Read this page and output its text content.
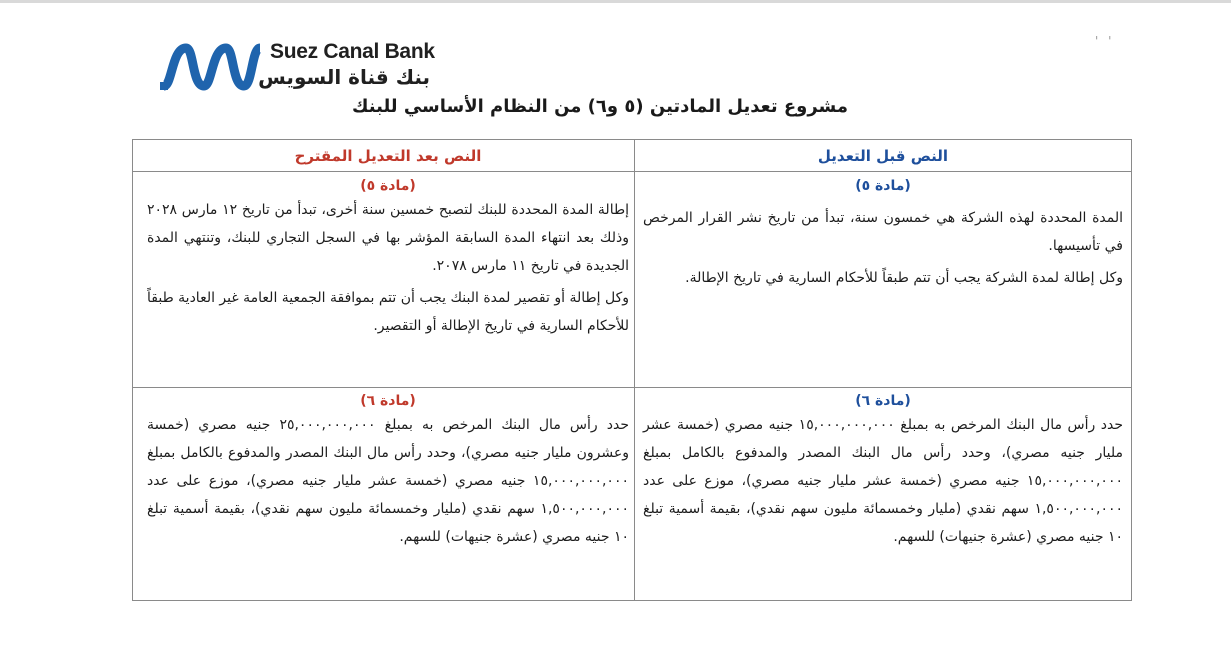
Suez Canal Bank
بنك قناة السويس
' '
مشروع تعديل المادتين (٥ و٦) من النظام الأساسي للبنك
النص قبل التعديل
النص بعد التعديل المقترح
(مادة ٥)

المدة المحددة لهذه الشركة هي خمسون سنة، تبدأ من تاريخ نشر القرار المرخص في تأسيسها.

وكل إطالة لمدة الشركة يجب أن تتم طبقاً للأحكام السارية في تاريخ الإطالة.

(مادة ٥)

إطالة المدة المحددة للبنك لتصبح خمسين سنة أخرى، تبدأ من تاريخ ١٢ مارس ٢٠٢٨ وذلك بعد انتهاء المدة السابقة المؤشر بها في السجل التجاري للبنك، وتنتهي المدة الجديدة في تاريخ ١١ مارس ٢٠٧٨.

وكل إطالة أو تقصير لمدة البنك يجب أن تتم بموافقة الجمعية العامة غير العادية طبقاً للأحكام السارية في تاريخ الإطالة أو التقصير.

(مادة ٦)

حدد رأس مال البنك المرخص به بمبلغ ١٥,٠٠٠,٠٠٠,٠٠٠ جنيه مصري (خمسة عشر مليار جنيه مصري)، وحدد رأس مال البنك المصدر والمدفوع بالكامل بمبلغ ١٥,٠٠٠,٠٠٠,٠٠٠ جنيه مصري (خمسة عشر مليار جنيه مصري)، موزع على عدد ١,٥٠٠,٠٠٠,٠٠٠ سهم نقدي (مليار وخمسمائة مليون سهم نقدي)، بقيمة أسمية تبلغ ١٠ جنيه مصري (عشرة جنيهات) للسهم.

(مادة ٦)

حدد رأس مال البنك المرخص به بمبلغ ٢٥,٠٠٠,٠٠٠,٠٠٠ جنيه مصري (خمسة وعشرون مليار جنيه مصري)، وحدد رأس مال البنك المصدر والمدفوع بالكامل بمبلغ ١٥,٠٠٠,٠٠٠,٠٠٠ جنيه مصري (خمسة عشر مليار جنيه مصري)، موزع على عدد ١,٥٠٠,٠٠٠,٠٠٠ سهم نقدي (مليار وخمسمائة مليون سهم نقدي)، بقيمة أسمية تبلغ ١٠ جنيه مصري (عشرة جنيهات) للسهم.
